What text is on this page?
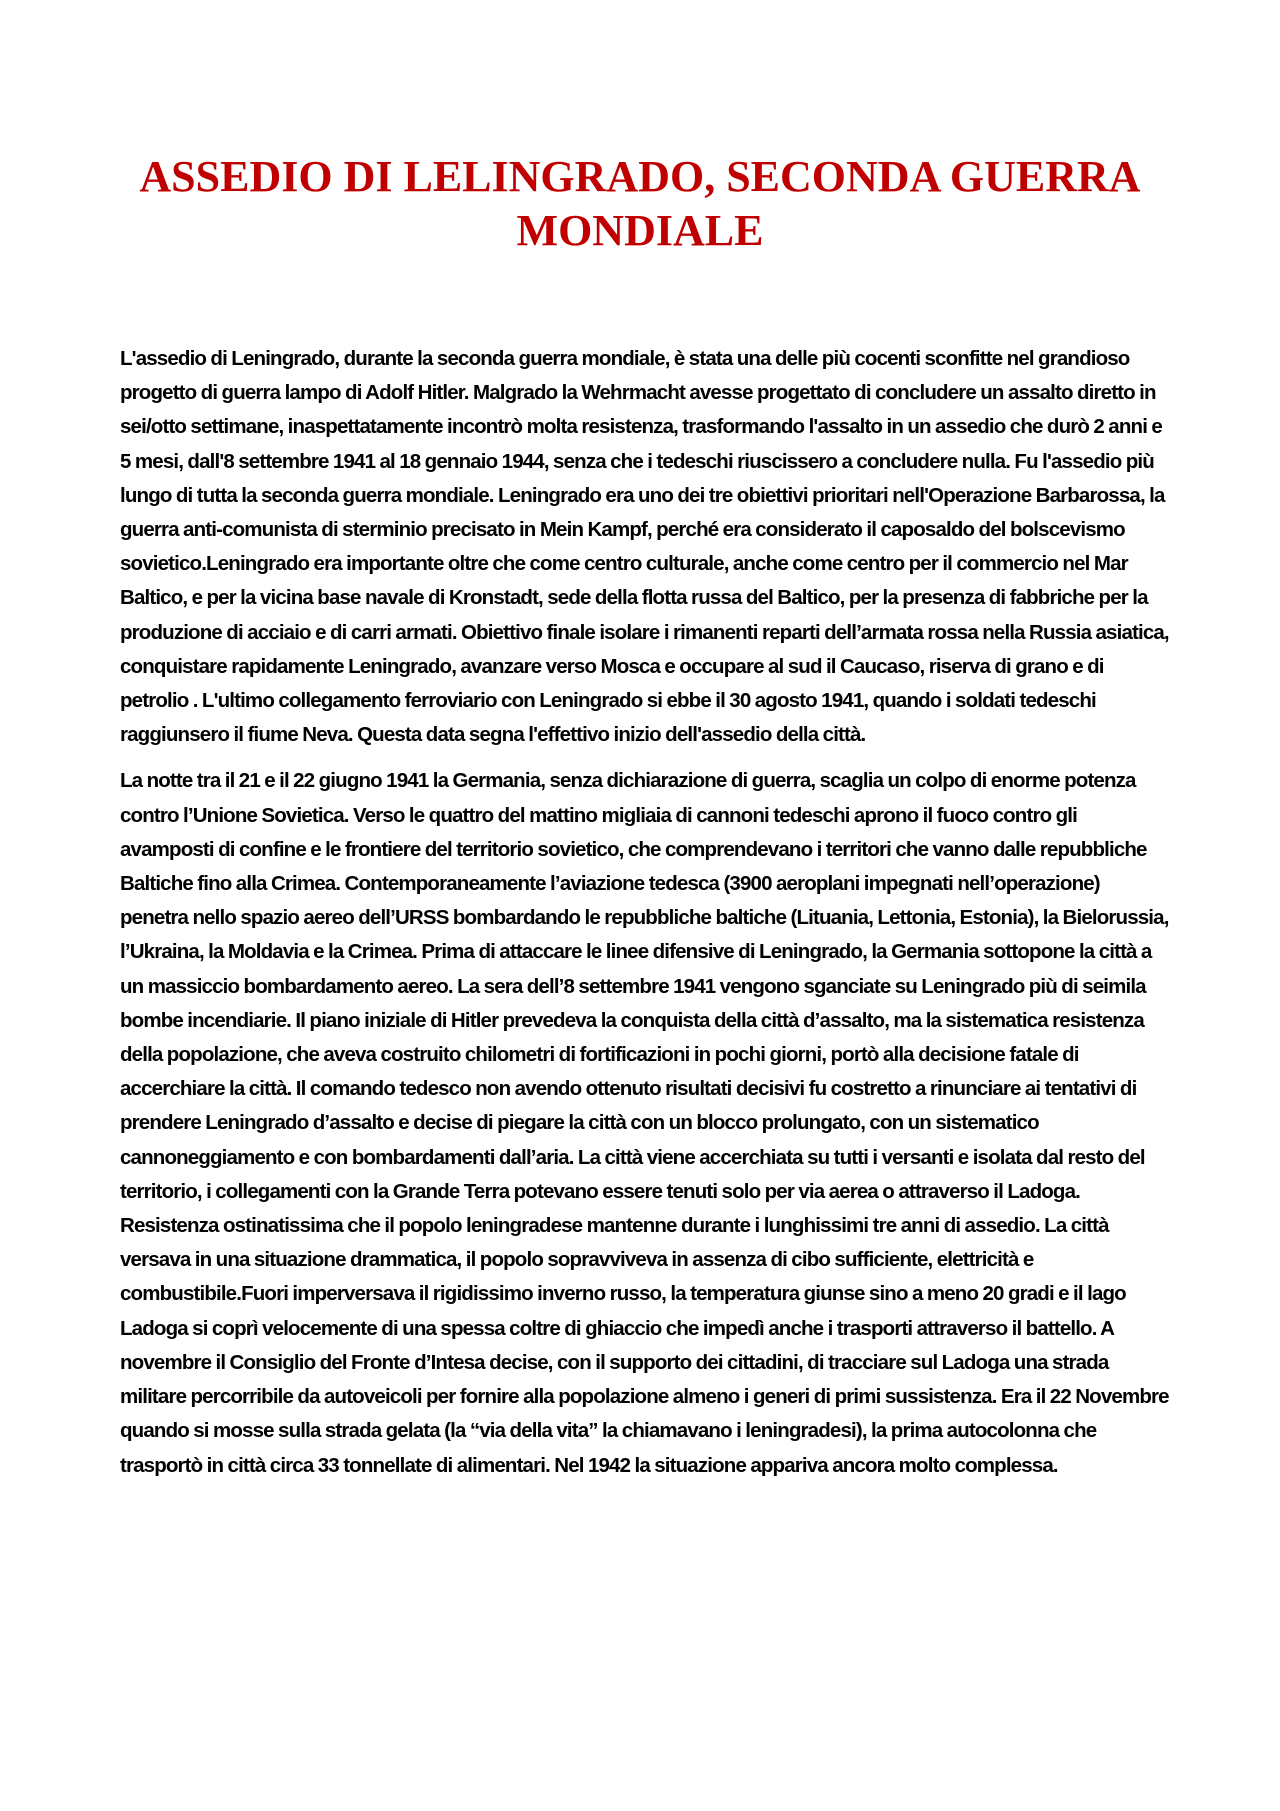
ASSEDIO DI LELINGRADO, SECONDA GUERRA MONDIALE

L'assedio di Leningrado, durante la seconda guerra mondiale, è stata una delle più cocenti sconfitte nel grandioso progetto di guerra lampo di Adolf Hitler. Malgrado la Wehrmacht avesse progettato di concludere un assalto diretto in sei/otto settimane, inaspettatamente incontrò molta resistenza, trasformando l'assalto in un assedio che durò 2 anni e 5 mesi, dall'8 settembre 1941 al 18 gennaio 1944, senza che i tedeschi riuscissero a concludere nulla. Fu l'assedio più lungo di tutta la seconda guerra mondiale. Leningrado era uno dei tre obiettivi prioritari nell'Operazione Barbarossa, la guerra anti-comunista di sterminio precisato in Mein Kampf, perché era considerato il caposaldo del bolscevismo sovietico.Leningrado era importante oltre che come centro culturale, anche come centro per il commercio nel Mar Baltico, e per la vicina base navale di Kronstadt, sede della flotta russa del Baltico, per la presenza di fabbriche per la produzione di acciaio e di carri armati. Obiettivo finale isolare i rimanenti reparti dell’armata rossa nella Russia asiatica, conquistare rapidamente Leningrado, avanzare verso Mosca e occupare al sud il Caucaso, riserva di grano e di petrolio . L'ultimo collegamento ferroviario con Leningrado si ebbe il 30 agosto 1941, quando i soldati tedeschi raggiunsero il fiume Neva. Questa data segna l'effettivo inizio dell'assedio della città.

La notte tra il 21 e il 22 giugno 1941 la Germania, senza dichiarazione di guerra, scaglia un colpo di enorme potenza contro l’Unione Sovietica. Verso le quattro del mattino migliaia di cannoni tedeschi aprono il fuoco contro gli avamposti di confine e le frontiere del territorio sovietico, che comprendevano i territori che vanno dalle repubbliche Baltiche fino alla Crimea. Contemporaneamente l’aviazione tedesca (3900 aeroplani impegnati nell’operazione) penetra nello spazio aereo dell’URSS bombardando le repubbliche baltiche (Lituania, Lettonia, Estonia), la Bielorussia, l’Ukraina, la Moldavia e la Crimea. Prima di attaccare le linee difensive di Leningrado, la Germania sottopone la città a un massiccio bombardamento aereo. La sera dell’8 settembre 1941 vengono sganciate su Leningrado più di seimila bombe incendiarie. Il piano iniziale di Hitler prevedeva la conquista della città d’assalto, ma la sistematica resistenza della popolazione, che aveva costruito chilometri di fortificazioni in pochi giorni, portò alla decisione fatale di accerchiare la città. Il comando tedesco non avendo ottenuto risultati decisivi fu costretto a rinunciare ai tentativi di prendere Leningrado d’assalto e decise di piegare la città con un blocco prolungato, con un sistematico cannoneggiamento e con bombardamenti dall’aria. La città viene accerchiata su tutti i versanti e isolata dal resto del territorio, i collegamenti con la Grande Terra potevano essere tenuti solo per via aerea o attraverso il Ladoga. Resistenza ostinatissima che il popolo leningradese mantenne durante i lunghissimi tre anni di assedio. La città versava in una situazione drammatica, il popolo sopravviveva in assenza di cibo sufficiente, elettricità e combustibile.Fuori imperversava il rigidissimo inverno russo, la temperatura giunse sino a meno 20 gradi e il lago Ladoga si coprì velocemente di una spessa coltre di ghiaccio che impedì anche i trasporti attraverso il battello. A novembre il Consiglio del Fronte d’Intesa decise, con il supporto dei cittadini, di tracciare sul Ladoga una strada militare percorribile da autoveicoli per fornire alla popolazione almeno i generi di primi sussistenza. Era il 22 Novembre quando si mosse sulla strada gelata (la “via della vita” la chiamavano i leningradesi), la prima autocolonna che trasportò in città circa 33 tonnellate di alimentari. Nel 1942 la situazione appariva ancora molto complessa.
